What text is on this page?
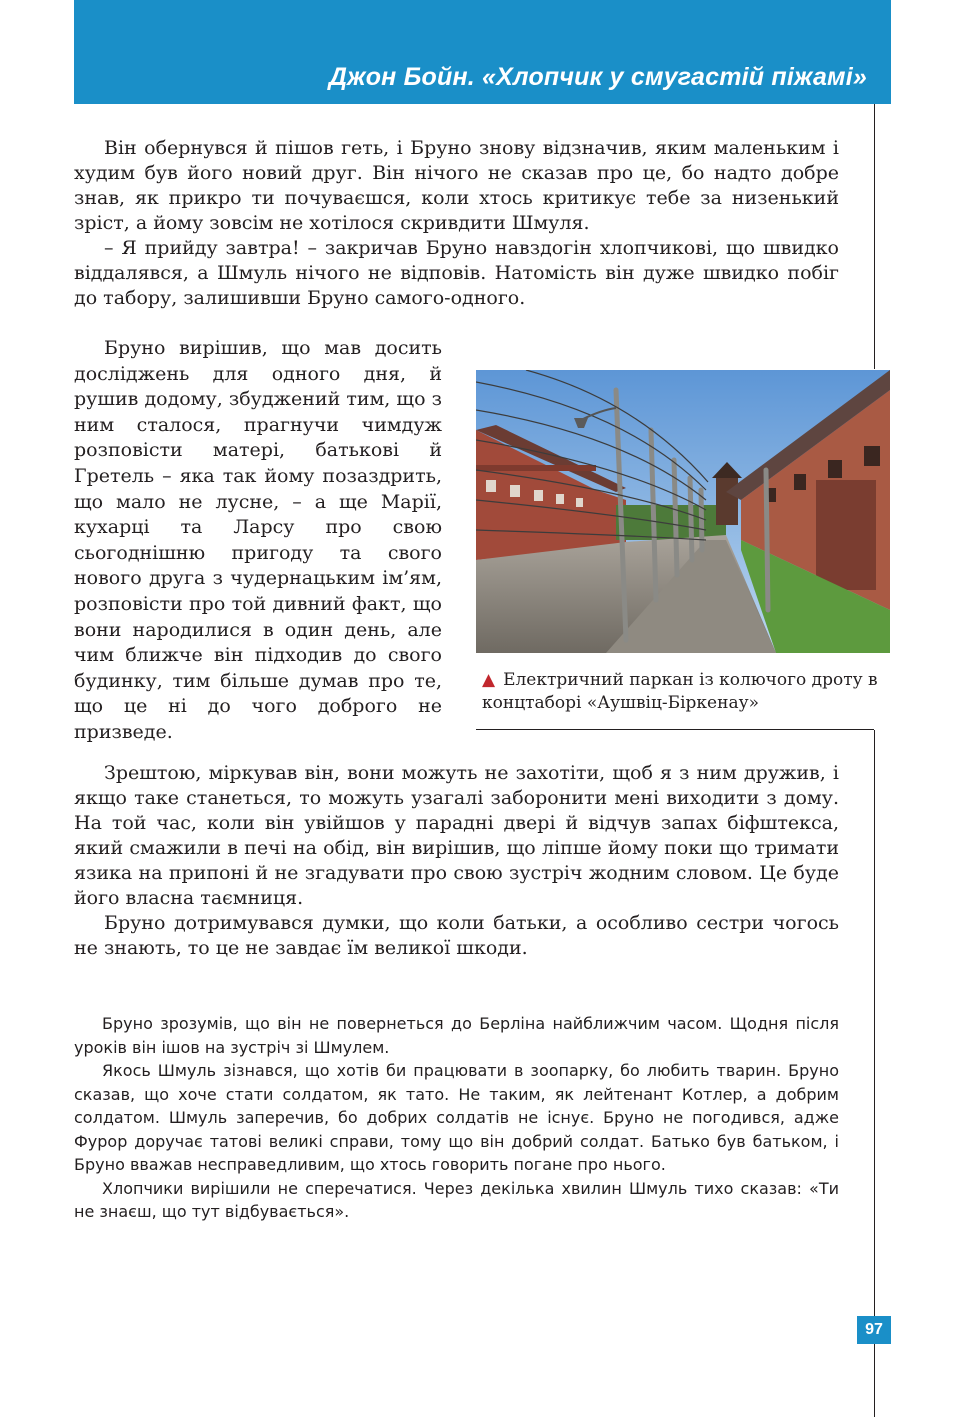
Джон Бойн. «Хлопчик у смугастій піжамі»

Він обернувся й пішов геть, і Бруно знову відзначив, яким маленьким і худим був його новий друг. Він нічого не сказав про це, бо надто добре знав, як прикро ти почуваєшся, коли хтось критикує тебе за низенький зріст, а йому зовсім не хотілося скривдити Шмуля.

– Я прийду завтра! – закричав Бруно навздогін хлопчикові, що швидко віддалявся, а Шмуль нічого не відповів. Натомість він дуже швидко побіг до табору, залишивши Бруно самого-одного.

Бруно вирішив, що мав досить досліджень для одного дня, й рушив додому, збуджений тим, що з ним сталося, прагнучи чимдуж розповісти матері, батькові й Гретель – яка так йому позаздрить, що мало не лусне, – а ще Марії, кухарці та Ларсу про свою сьогоднішню пригоду та свого нового друга з чудернацьким ім’ям, розповісти про той дивний факт, що вони народилися в один день, але чим ближче він підходив до свого будинку, тим більше думав про те, що це ні до чого доброго не призведе.

▲ Електричний паркан із колючого дроту в концтаборі «Аушвіц-Біркенау»

Зрештою, міркував він, вони можуть не захотіти, щоб я з ним дружив, і якщо таке станеться, то можуть узагалі заборонити мені виходити з дому. На той час, коли він увійшов у парадні двері й відчув запах біфштекса, який смажили в печі на обід, він вирішив, що ліпше йому поки що тримати язика на припоні й не згадувати про свою зустріч жодним словом. Це буде його власна таємниця.

Бруно дотримувався думки, що коли батьки, а особливо сестри чогось не знають, то це не завдає їм великої шкоди.

Бруно зрозумів, що він не повернеться до Берліна найближчим часом. Щодня після уроків він ішов на зустріч зі Шмулем.

Якось Шмуль зізнався, що хотів би працювати в зоопарку, бо любить тварин. Бруно сказав, що хоче стати солдатом, як тато. Не таким, як лейтенант Котлер, а добрим солдатом. Шмуль заперечив, бо добрих солдатів не існує. Бруно не погодився, адже Фурор доручає татові великі справи, тому що він добрий солдат. Батько був батьком, і Бруно вважав несправедливим, що хтось говорить погане про нього.

Хлопчики вирішили не сперечатися. Через декілька хвилин Шмуль тихо сказав: «Ти не знаєш, що тут відбувається».

97
